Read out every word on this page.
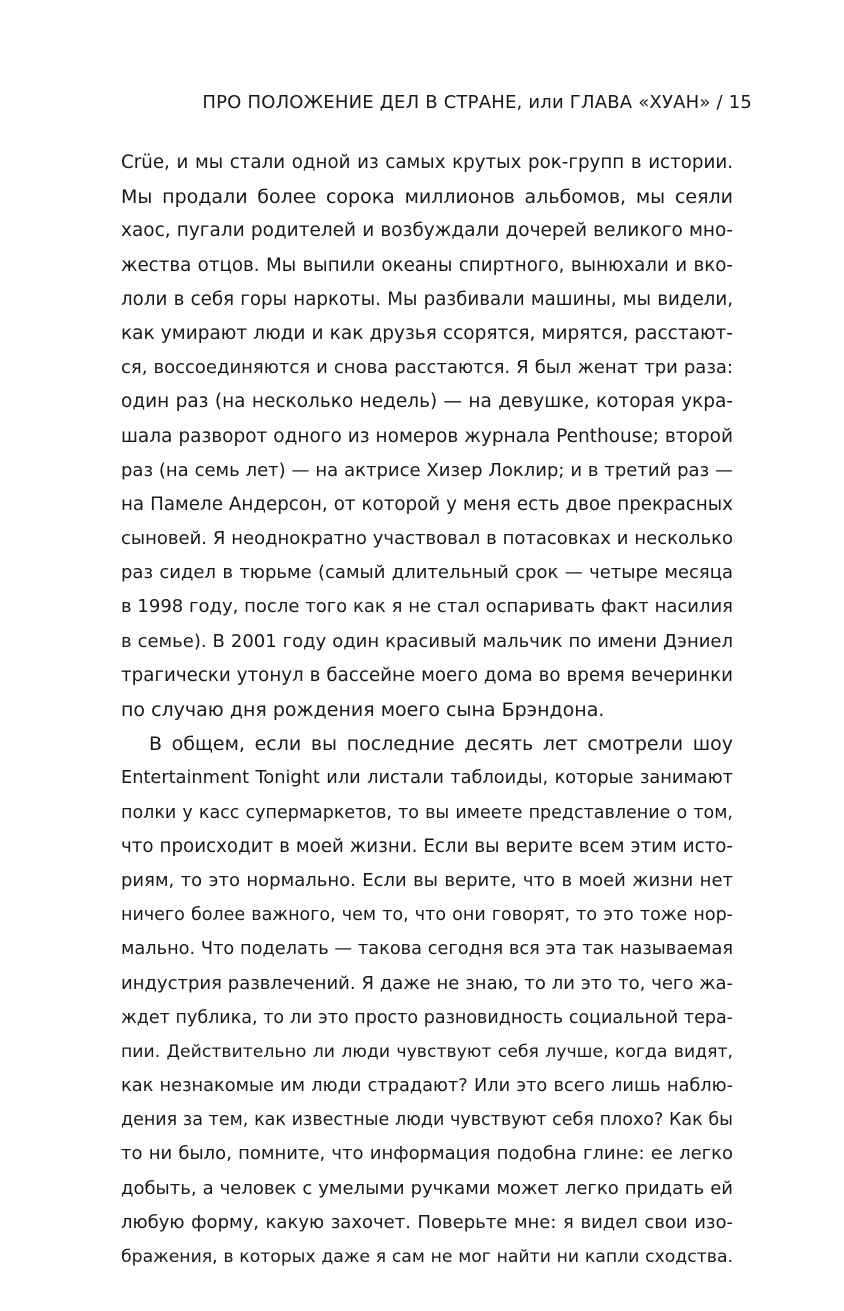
ПРО ПОЛОЖЕНИЕ ДЕЛ В СТРАНЕ, или ГЛАВА «ХУАН» / 15
Crüe, и мы стали одной из самых крутых рок-групп в истории.
Мы продали более сорока миллионов альбомов, мы сеяли
хаос, пугали родителей и возбуждали дочерей великого мно-
жества отцов. Мы выпили океаны спиртного, вынюхали и вко-
лоли в себя горы наркоты. Мы разбивали машины, мы видели,
как умирают люди и как друзья ссорятся, мирятся, расстают-
ся, воссоединяются и снова расстаются. Я был женат три раза:
один раз (на несколько недель) — на девушке, которая укра-
шала разворот одного из номеров журнала Penthouse; второй
раз (на семь лет) — на актрисе Хизер Локлир; и в третий раз —
на Памеле Андерсон, от которой у меня есть двое прекрасных
сыновей. Я неоднократно участвовал в потасовках и несколько
раз сидел в тюрьме (самый длительный срок — четыре месяца
в 1998 году, после того как я не стал оспаривать факт насилия
в семье). В 2001 году один красивый мальчик по имени Дэниел
трагически утонул в бассейне моего дома во время вечеринки
по случаю дня рождения моего сына Брэндона.
В общем, если вы последние десять лет смотрели шоу
Entertainment Tonight или листали таблоиды, которые занимают
полки у касс супермаркетов, то вы имеете представление о том,
что происходит в моей жизни. Если вы верите всем этим исто-
риям, то это нормально. Если вы верите, что в моей жизни нет
ничего более важного, чем то, что они говорят, то это тоже нор-
мально. Что поделать — такова сегодня вся эта так называемая
индустрия развлечений. Я даже не знаю, то ли это то, чего жа-
ждет публика, то ли это просто разновидность социальной тера-
пии. Действительно ли люди чувствуют себя лучше, когда видят,
как незнакомые им люди страдают? Или это всего лишь наблю-
дения за тем, как известные люди чувствуют себя плохо? Как бы
то ни было, помните, что информация подобна глине: ее легко
добыть, а человек с умелыми ручками может легко придать ей
любую форму, какую захочет. Поверьте мне: я видел свои изо-
бражения, в которых даже я сам не мог найти ни капли сходства.
